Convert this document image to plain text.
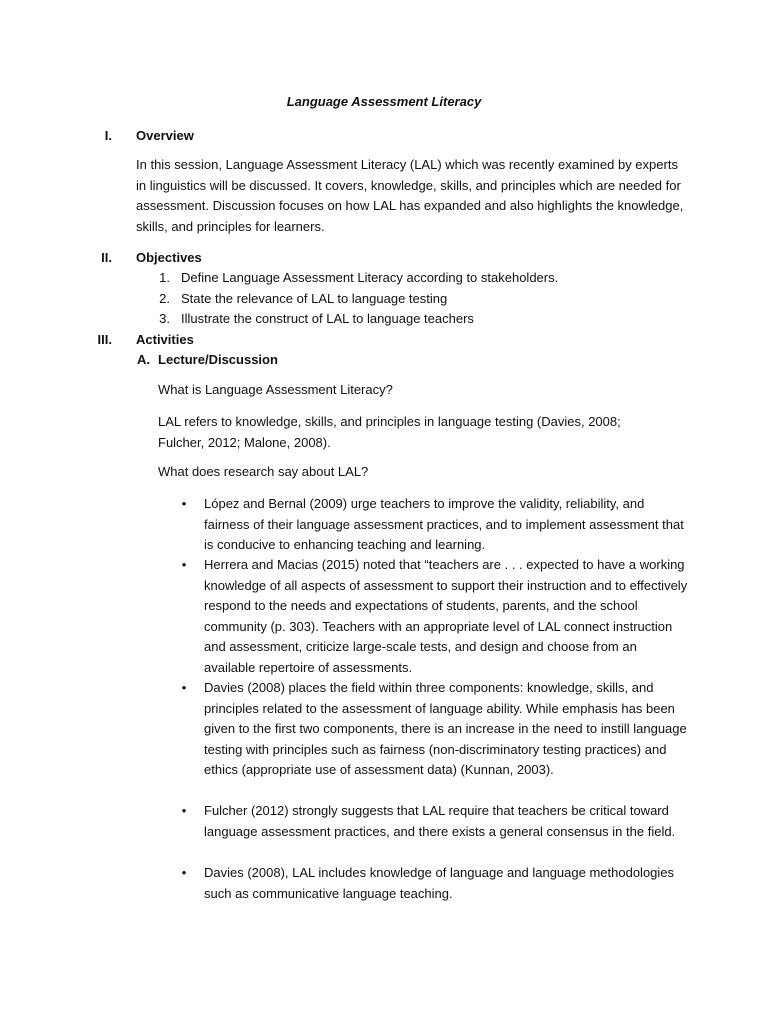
Language Assessment Literacy
I. Overview

In this session, Language Assessment Literacy (LAL) which was recently examined by experts in linguistics will be discussed. It covers, knowledge, skills, and principles which are needed for assessment. Discussion focuses on how LAL has expanded and also highlights the knowledge, skills, and principles for learners.

II. Objectives
1. Define Language Assessment Literacy according to stakeholders.
2. State the relevance of LAL to language testing
3. Illustrate the construct of LAL to language teachers
III. Activities
A. Lecture/Discussion

What is Language Assessment Literacy?

LAL refers to knowledge, skills, and principles in language testing (Davies, 2008; Fulcher, 2012; Malone, 2008).

What does research say about LAL?

• López and Bernal (2009) urge teachers to improve the validity, reliability, and fairness of their language assessment practices, and to implement assessment that is conducive to enhancing teaching and learning.

• Herrera and Macias (2015) noted that “teachers are . . . expected to have a working knowledge of all aspects of assessment to support their instruction and to effectively respond to the needs and expectations of students, parents, and the school community (p. 303). Teachers with an appropriate level of LAL connect instruction and assessment, criticize large-scale tests, and design and choose from an available repertoire of assessments.

• Davies (2008) places the field within three components: knowledge, skills, and principles related to the assessment of language ability. While emphasis has been given to the first two components, there is an increase in the need to instill language testing with principles such as fairness (non-discriminatory testing practices) and ethics (appropriate use of assessment data) (Kunnan, 2003).

• Fulcher (2012) strongly suggests that LAL require that teachers be critical toward language assessment practices, and there exists a general consensus in the field.

• Davies (2008), LAL includes knowledge of language and language methodologies such as communicative language teaching.
